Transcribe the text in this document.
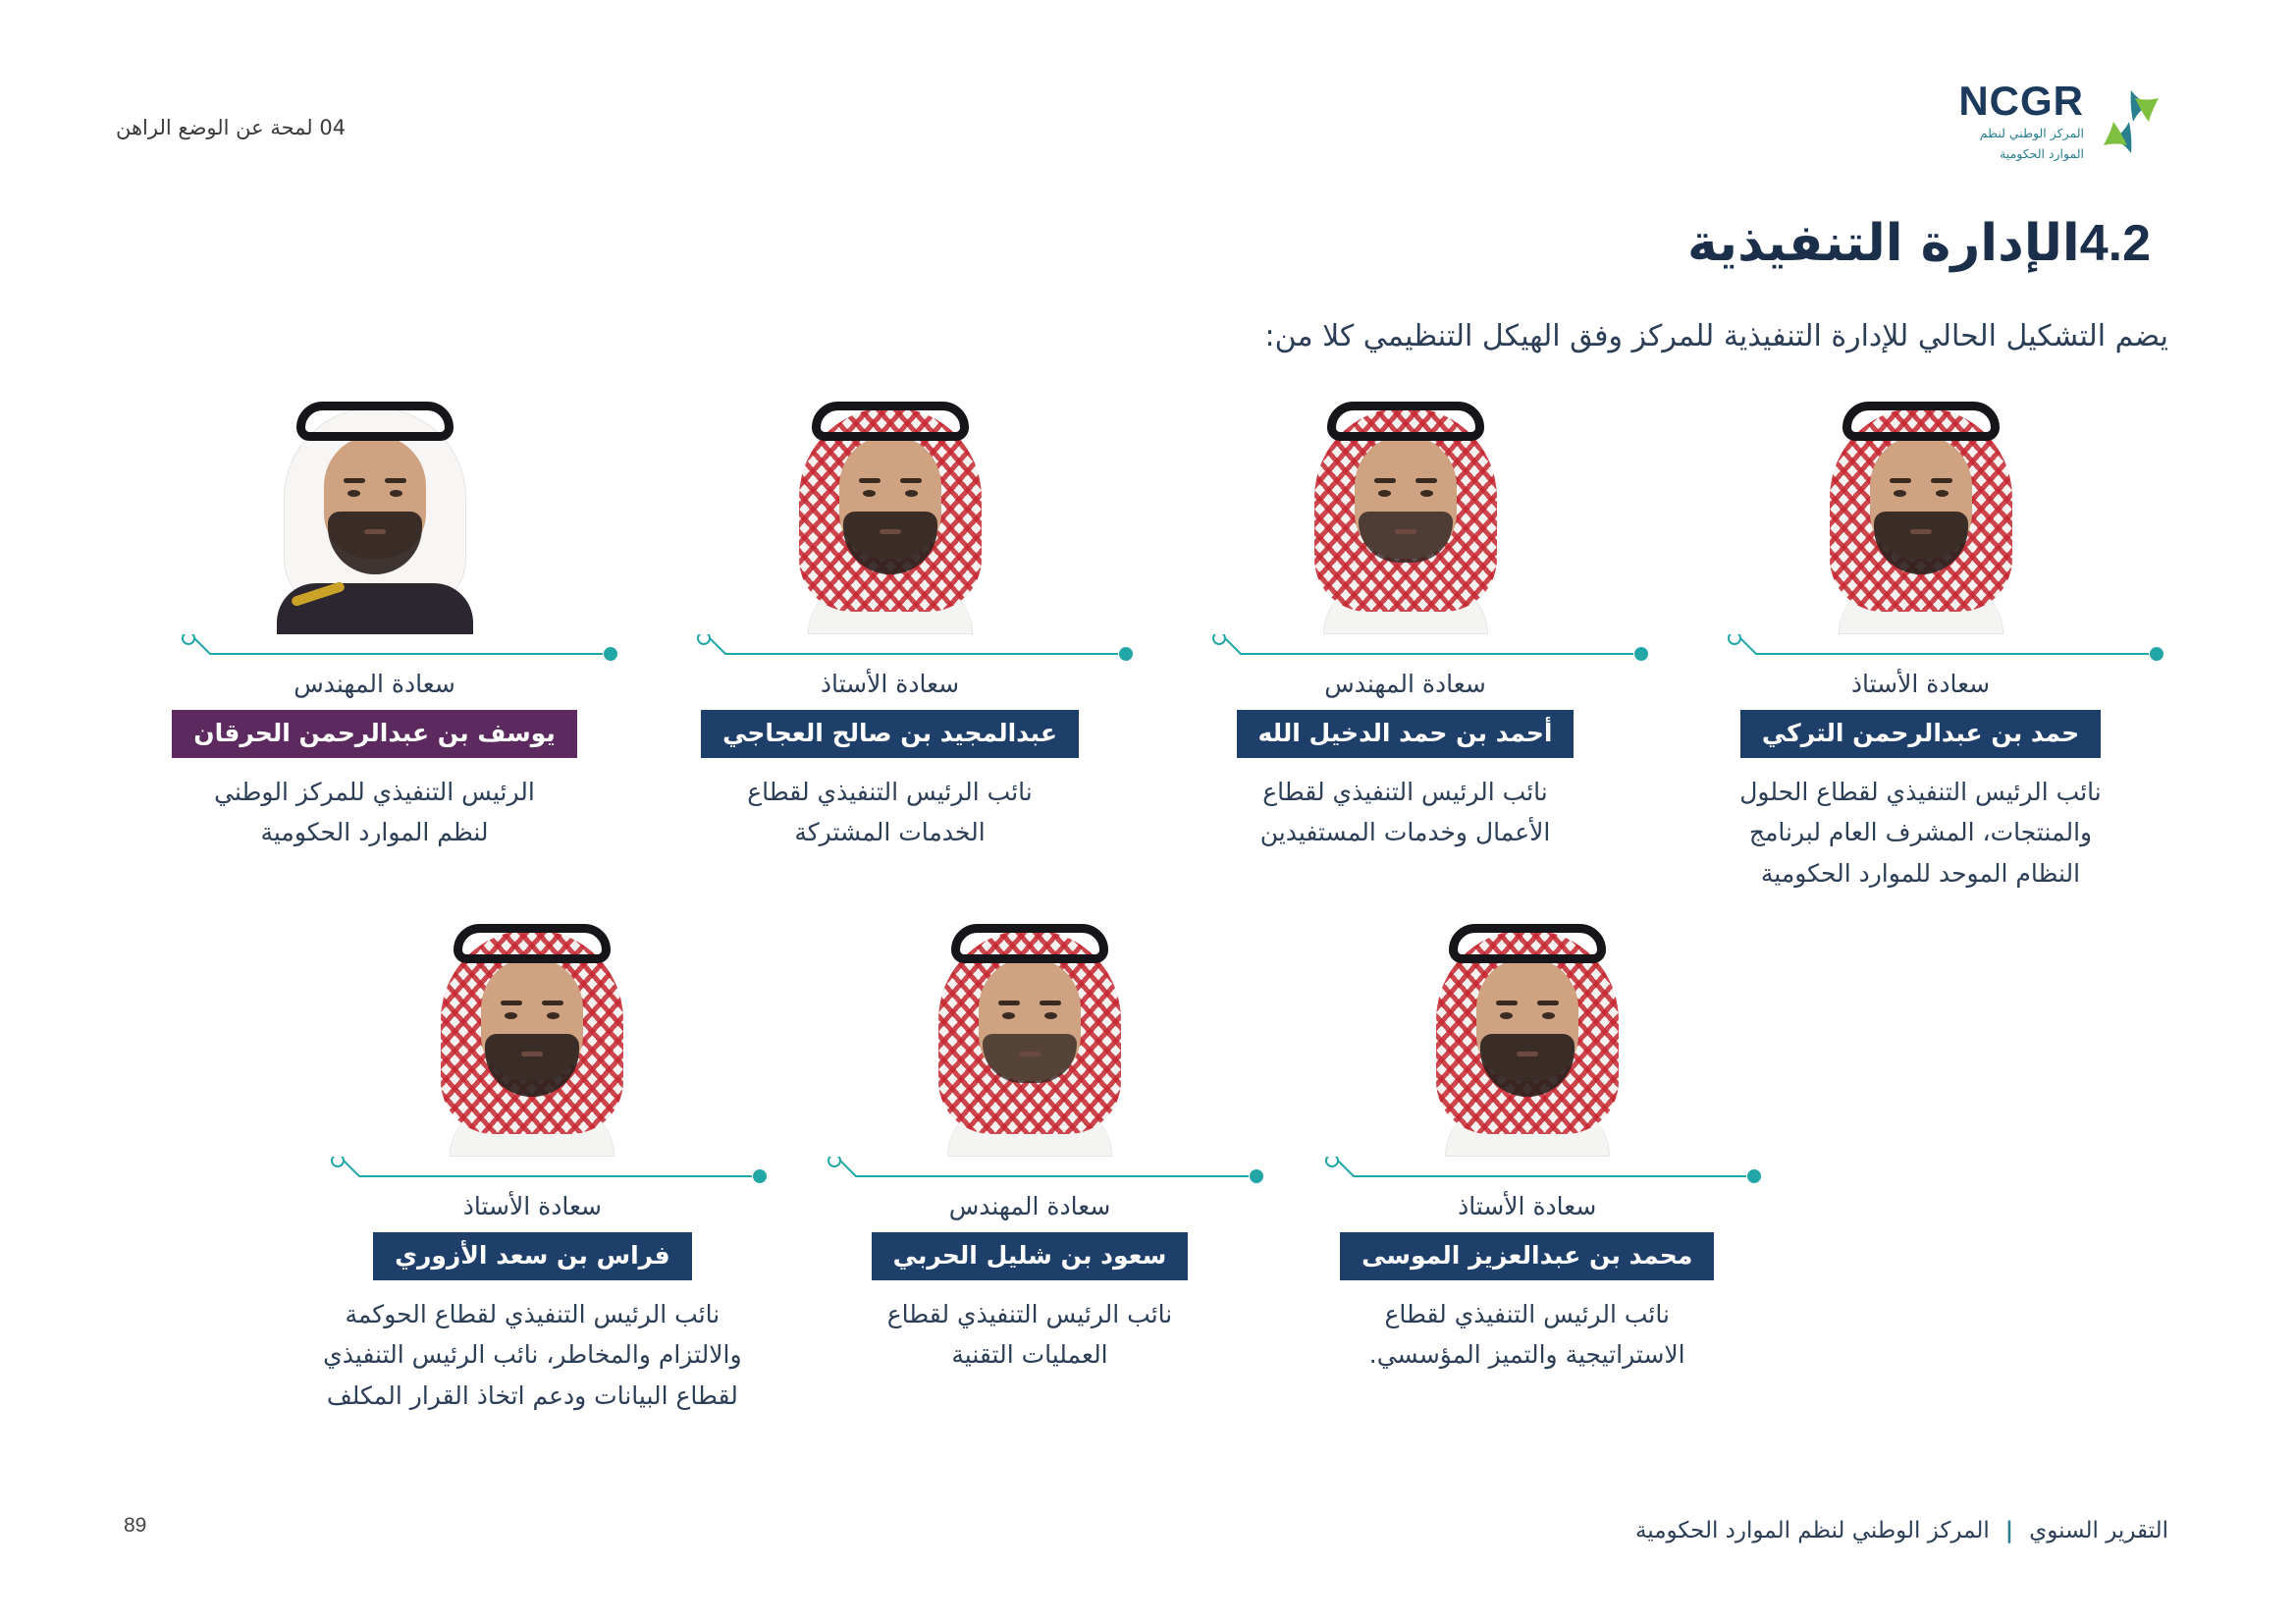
04 لمحة عن الوضع الراهن
NCGR
المركز الوطني لنظم
الموارد الحكومية
4.2الإدارة التنفيذية
يضم التشكيل الحالي للإدارة التنفيذية للمركز وفق الهيكل التنظيمي كلا من:
سعادة المهندس
يوسف بن عبدالرحمن الحرقان
الرئيس التنفيذي للمركز الوطني
لنظم الموارد الحكومية
سعادة الأستاذ
عبدالمجيد بن صالح العجاجي
نائب الرئيس التنفيذي لقطاع
الخدمات المشتركة
سعادة المهندس
أحمد بن حمد الدخيل الله
نائب الرئيس التنفيذي لقطاع
الأعمال وخدمات المستفيدين
سعادة الأستاذ
حمد بن عبدالرحمن التركي
نائب الرئيس التنفيذي لقطاع الحلول
والمنتجات، المشرف العام لبرنامج
النظام الموحد للموارد الحكومية
سعادة الأستاذ
فراس بن سعد الأزوري
نائب الرئيس التنفيذي لقطاع الحوكمة
والالتزام والمخاطر، نائب الرئيس التنفيذي
لقطاع البيانات ودعم اتخاذ القرار المكلف
سعادة المهندس
سعود بن شليل الحربي
نائب الرئيس التنفيذي لقطاع
العمليات التقنية
سعادة الأستاذ
محمد بن عبدالعزيز الموسى
نائب الرئيس التنفيذي لقطاع
الاستراتيجية والتميز المؤسسي.
89	التقرير السنوي
|
المركز الوطني لنظم الموارد الحكومية
